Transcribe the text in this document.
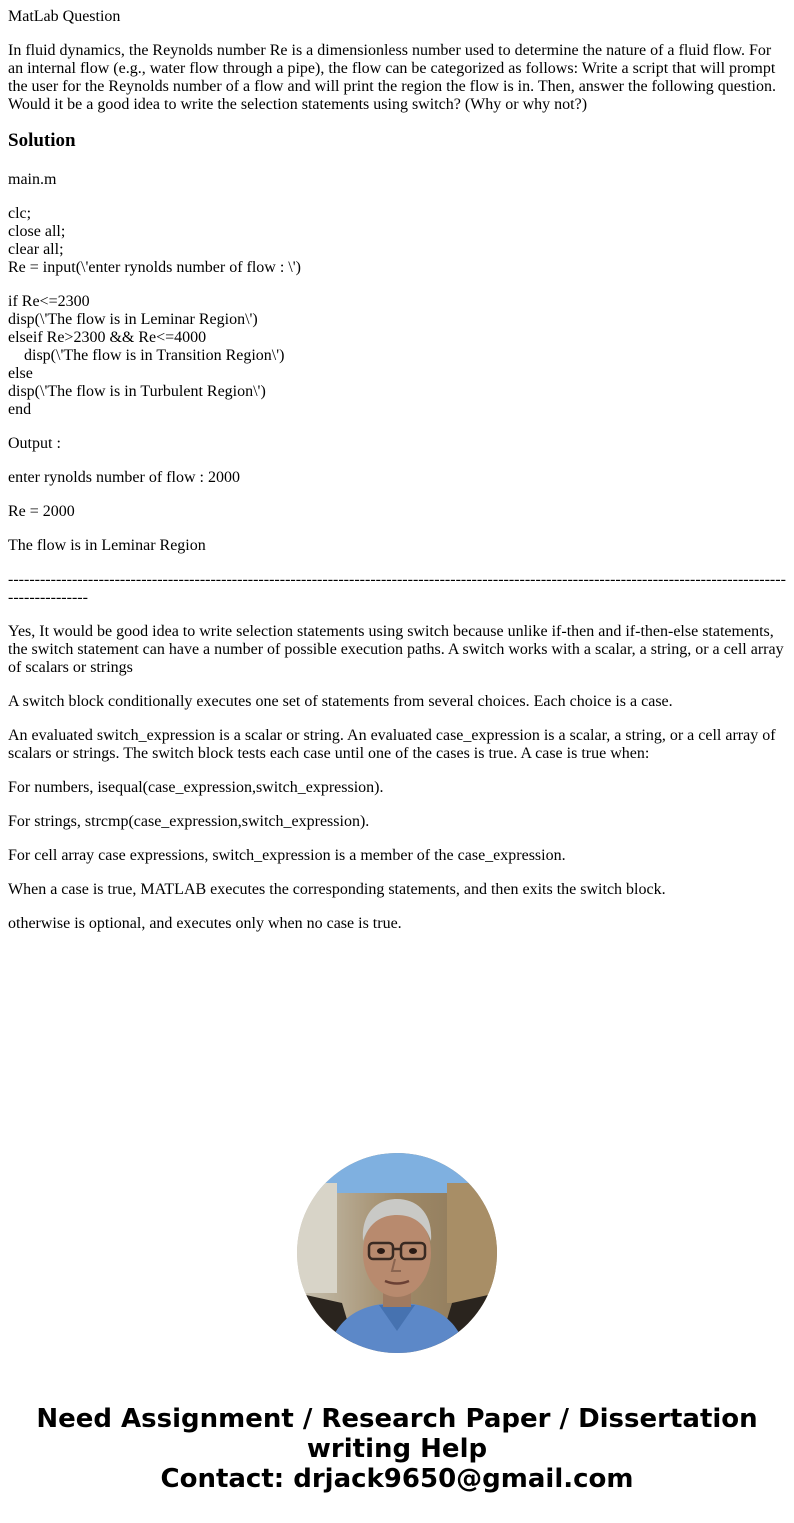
MatLab Question

In fluid dynamics, the Reynolds number Re is a dimensionless number used to determine the nature of a fluid flow. For an internal flow (e.g., water flow through a pipe), the flow can be categorized as follows: Write a script that will prompt the user for the Reynolds number of a flow and will print the region the flow is in. Then, answer the following question. Would it be a good idea to write the selection statements using switch? (Why or why not?)

Solution

main.m

clc;
close all;
clear all;
Re = input(\'enter rynolds number of flow : \')
if Re<=2300
disp(\'The flow is in Leminar Region\')
elseif Re>2300 && Re<=4000
disp(\'The flow is in Transition Region\')
else
disp(\'The flow is in Turbulent Region\')
end

Output :

enter rynolds number of flow : 2000

Re = 2000

The flow is in Leminar Region

-----------------------------------------------------------------------------------------------------------------------------------------------------------------

Yes, It would be good idea to write selection statements using switch because unlike if-then and if-then-else statements, the switch statement can have a number of possible execution paths. A switch works with a scalar, a string, or a cell array of scalars or strings

A switch block conditionally executes one set of statements from several choices. Each choice is a case.

An evaluated switch_expression is a scalar or string. An evaluated case_expression is a scalar, a string, or a cell array of scalars or strings. The switch block tests each case until one of the cases is true. A case is true when:

For numbers, isequal(case_expression,switch_expression).

For strings, strcmp(case_expression,switch_expression).

For cell array case expressions, switch_expression is a member of the case_expression.

When a case is true, MATLAB executes the corresponding statements, and then exits the switch block.

otherwise is optional, and executes only when no case is true.

Need Assignment / Research Paper / Dissertation
writing Help
Contact: drjack9650@gmail.com
